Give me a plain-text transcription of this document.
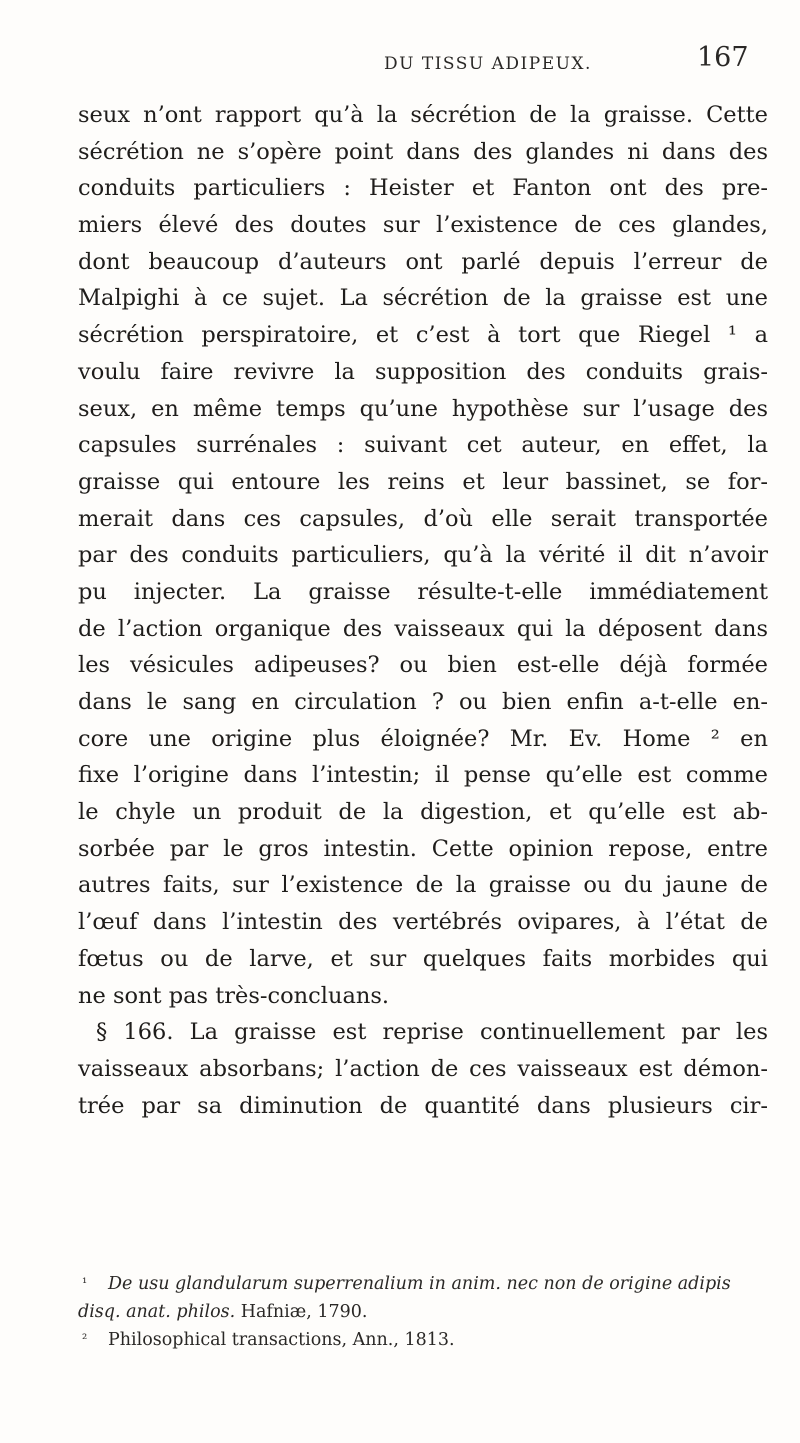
DU TISSU ADIPEUX.	167
seux n’ont rapport qu’à la sécrétion de la graisse. Cette
sécrétion ne s’opère point dans des glandes ni dans des
conduits particuliers : Heister et Fanton ont des pre-
miers élevé des doutes sur l’existence de ces glandes,
dont beaucoup d’auteurs ont parlé depuis l’erreur de
Malpighi à ce sujet. La sécrétion de la graisse est une
sécrétion perspiratoire, et c’est à tort que Riegel ¹ a
voulu faire revivre la supposition des conduits grais-
seux, en même temps qu’une hypothèse sur l’usage des
capsules surrénales : suivant cet auteur, en effet, la
graisse qui entoure les reins et leur bassinet, se for-
merait dans ces capsules, d’où elle serait transportée
par des conduits particuliers, qu’à la vérité il dit n’avoir
pu injecter. La graisse résulte-t-elle immédiatement
de l’action organique des vaisseaux qui la déposent dans
les vésicules adipeuses? ou bien est-elle déjà formée
dans le sang en circulation ? ou bien enfin a-t-elle en-
core une origine plus éloignée? Mr. Ev. Home ² en
fixe l’origine dans l’intestin; il pense qu’elle est comme
le chyle un produit de la digestion, et qu’elle est ab-
sorbée par le gros intestin. Cette opinion repose, entre
autres faits, sur l’existence de la graisse ou du jaune de
l’œuf dans l’intestin des vertébrés ovipares, à l’état de
fœtus ou de larve, et sur quelques faits morbides qui
ne sont pas très-concluans.
§ 166. La graisse est reprise continuellement par les
vaisseaux absorbans; l’action de ces vaisseaux est démon-
trée par sa diminution de quantité dans plusieurs cir-
¹ De usu glandularum superrenalium in anim. nec non de origine adipis disq. anat. philos. Hafniæ, 1790.
² Philosophical transactions, Ann., 1813.
